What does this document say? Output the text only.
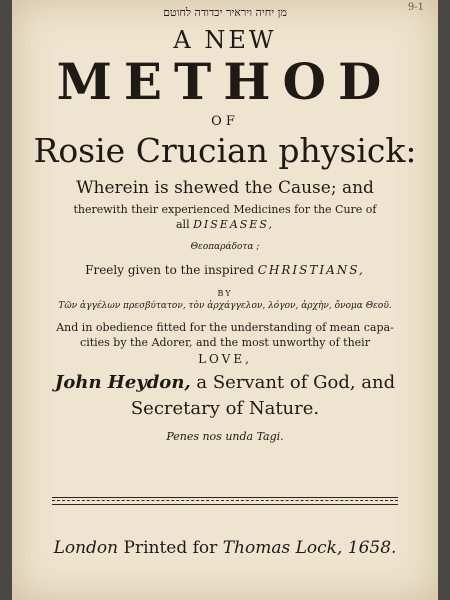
9-1
מן יחיה ויראיר יכדודה לחוטם
A NEW
METHOD
OF
Rosie Crucian physick:
Wherein is shewed the Cause; and
therewith their experienced Medicines for the Cure of
all DISEASES,
Θεοπαράδοτα ;
Freely given to the inspired CHRISTIANS,
BY
Τῶν ἀγγέλων πρεσβύτατον, τὸν ἀρχάγγελον, λόγον, ἀρχὴν, ὄνομα Θεοῦ.
And in obedience fitted for the understanding of mean capa-
cities by the Adorer, and the most unworthy of their
LOVE,
John Heydon, a Servant of God, and
Secretary of Nature.
Penes nos unda Tagi.
London Printed for Thomas Lock, 1658.
